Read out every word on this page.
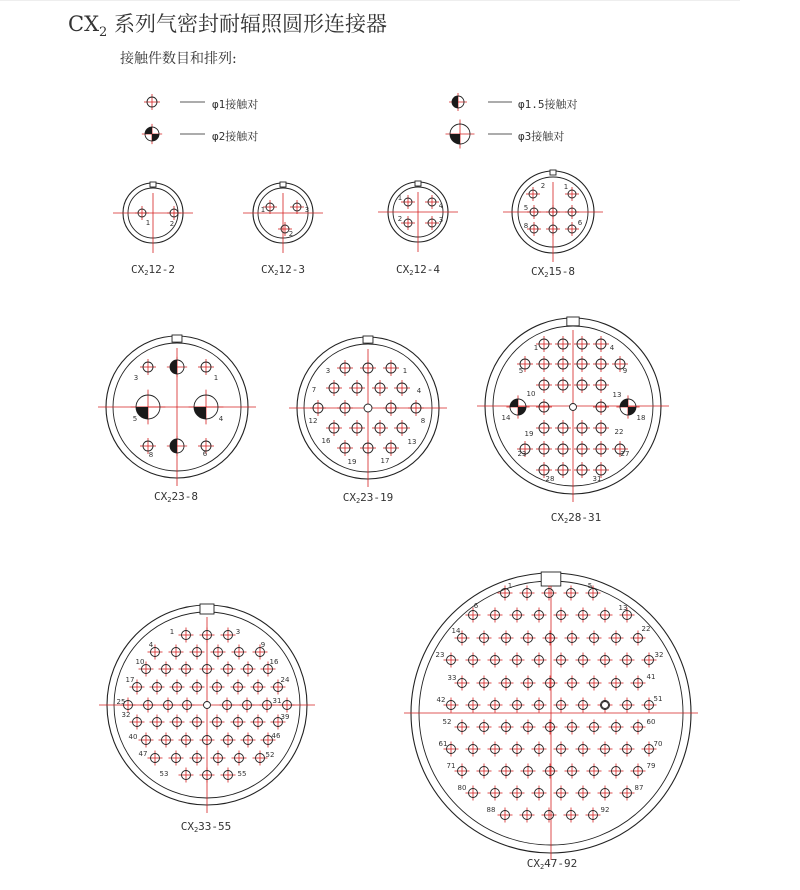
$CX_2$ 系列气密封耐辐照圆形连接器
接触件数目和排列:
φ1接触对
φ2接触对
φ1.5接触对
φ3接触对
$CX_212-2$	$CX_212-3$	$CX_212-4$	$CX_215-8$
$CX_223-8$	$CX_223-19$
$CX_228-31$
$CX_233-55$
$CX_247-92$
1	2
1
2
3
1
2	3
4
1
2
5
6
8
1
3
4
5
6
8
1
3
4
7
8
12
13
16
17
19
1	4
5	9
10	13
14	18
19	22
23	27
28	31
1	3
4	9
10	16
17	24
25	31
32	39
40	46
47	52
53	55
1	5
6	13
14	22
23	32
33	41
42	51
52	60
61	70
71	79
80	87
88	92
